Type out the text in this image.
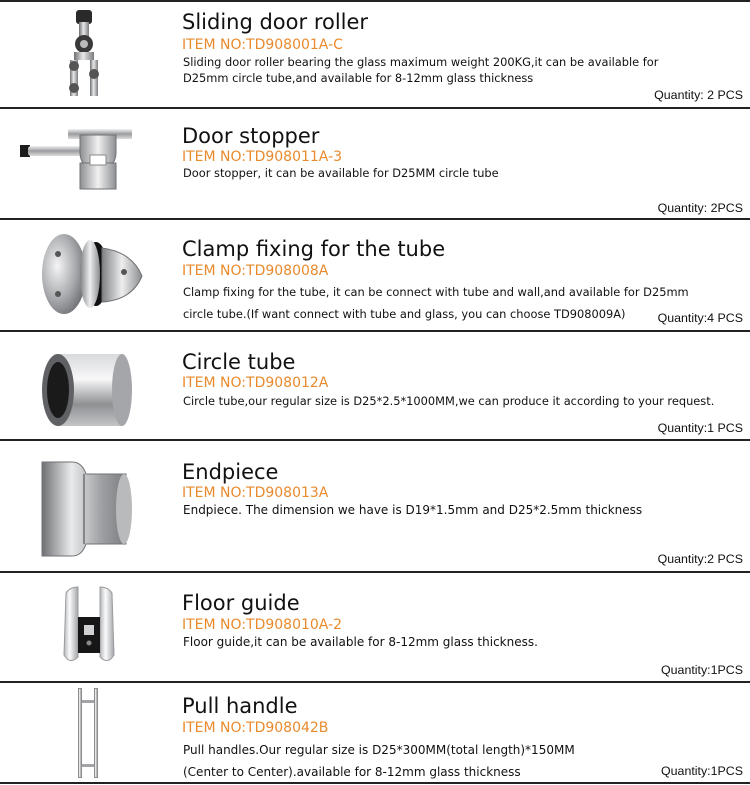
Sliding door roller
ITEM NO:TD908001A-C
Sliding door roller bearing the glass maximum weight 200KG,it can be available for
D25mm circle tube,and available for 8-12mm glass thickness
Quantity: 2 PCS
Door stopper
ITEM NO:TD908011A-3
Door stopper, it can be available for D25MM circle tube
Quantity: 2PCS
Clamp fixing for the tube
ITEM NO:TD908008A
Clamp fixing for the tube, it can be connect with tube and wall,and available for D25mm
circle tube.(If want connect with tube and glass, you can choose TD908009A)	Quantity:4 PCS
Circle tube
ITEM NO:TD908012A
Circle tube,our regular size is D25*2.5*1000MM,we can produce it according to your request.
Quantity:1 PCS
Endpiece
ITEM NO:TD908013A
Endpiece. The dimension we have is D19*1.5mm and D25*2.5mm thickness
Quantity:2 PCS
Floor guide
ITEM NO:TD908010A-2
Floor guide,it can be available for 8-12mm glass thickness.
Quantity:1PCS
Pull handle
ITEM NO:TD908042B
Pull handles.Our regular size is D25*300MM(total length)*150MM
(Center to Center).available for 8-12mm glass thickness	Quantity:1PCS
